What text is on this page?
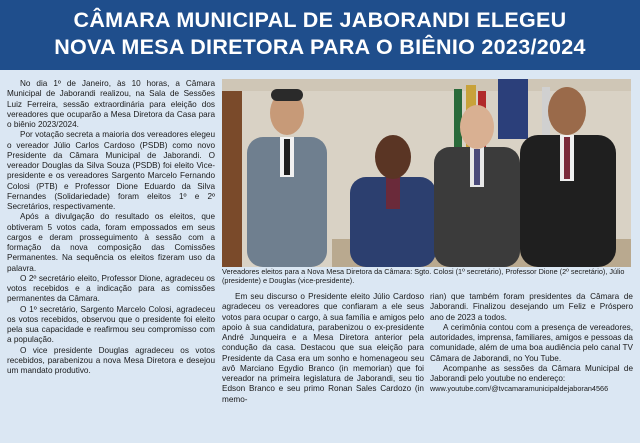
CÂMARA MUNICIPAL DE JABORANDI ELEGEU
NOVA MESA DIRETORA PARA O BIÊNIO 2023/2024

No dia 1º de Janeiro, às 10 horas, a Câmara Municipal de Jaborandi realizou, na Sala de Sessões Luiz Ferreira, sessão extraordinária para eleição dos vereadores que ocuparão a Mesa Diretora da Casa para o biênio 2023/2024.

Por votação secreta a maioria dos vereadores elegeu o vereador Júlio Carlos Cardoso (PSDB) como novo Presidente da Câmara Municipal de Jaborandi. O vereador Douglas da Silva Souza (PSDB) foi eleito Vice-presidente e os vereadores Sargento Marcelo Fernando Colosi (PTB) e Professor Dione Eduardo da Silva Fernandes (Solidariedade) foram eleitos 1º e 2º Secretários, respectivamente.

Após a divulgação do resultado os eleitos, que obtiveram 5 votos cada, foram empossados em seus cargos e deram prosseguimento à sessão com a formação da nova composição das Comissões Permanentes. Na sequência os eleitos fizeram uso da palavra.

O 2º secretário eleito, Professor Dione, agradeceu os votos recebidos e a indicação para as comissões permanentes da Câmara.

O 1º secretário, Sargento Marcelo Colosi, agradeceu os votos recebidos, observou que o presidente foi eleito pela sua capacidade e reafirmou seu compromisso com a população.

O vice presidente Douglas agradeceu os votos recebidos, parabenizou a nova Mesa Diretora e desejou um mandato produtivo.

Vereadores eleitos para a Nova Mesa Diretora da Câmara: Sgto. Colosi (1º secretário), Professor Dione (2º secretário), Júlio (presidente) e Douglas (vice-presidente).

Em seu discurso o Presidente eleito Júlio Cardoso agradeceu os vereadores que confiaram a ele seus votos para ocupar o cargo, à sua família e amigos pelo apoio à sua candidatura, parabenizou o ex-presidente André Junqueira e a Mesa Diretora anterior pela condução da casa. Destacou que sua eleição para Presidente da Casa era um sonho e homenageou seu avô Marciano Egydio Branco (in memorian) que foi vereador na primeira legislatura de Jaborandi, seu tio Edson Branco e seu primo Ronan Sales Cardozo (in memo-

rian) que também foram presidentes da Câmara de Jaborandi. Finalizou desejando um Feliz e Próspero ano de 2023 a todos.

A cerimônia contou com a presença de vereadores, autoridades, imprensa, familiares, amigos e pessoas da comunidade, além de uma boa audiência pelo canal TV Câmara de Jaborandi, no You Tube.

Acompanhe as sessões da Câmara Municipal de Jaborandi pelo youtube no endereço:

www.youtube.com/@tvcamaramunicipaldejaboran4566
